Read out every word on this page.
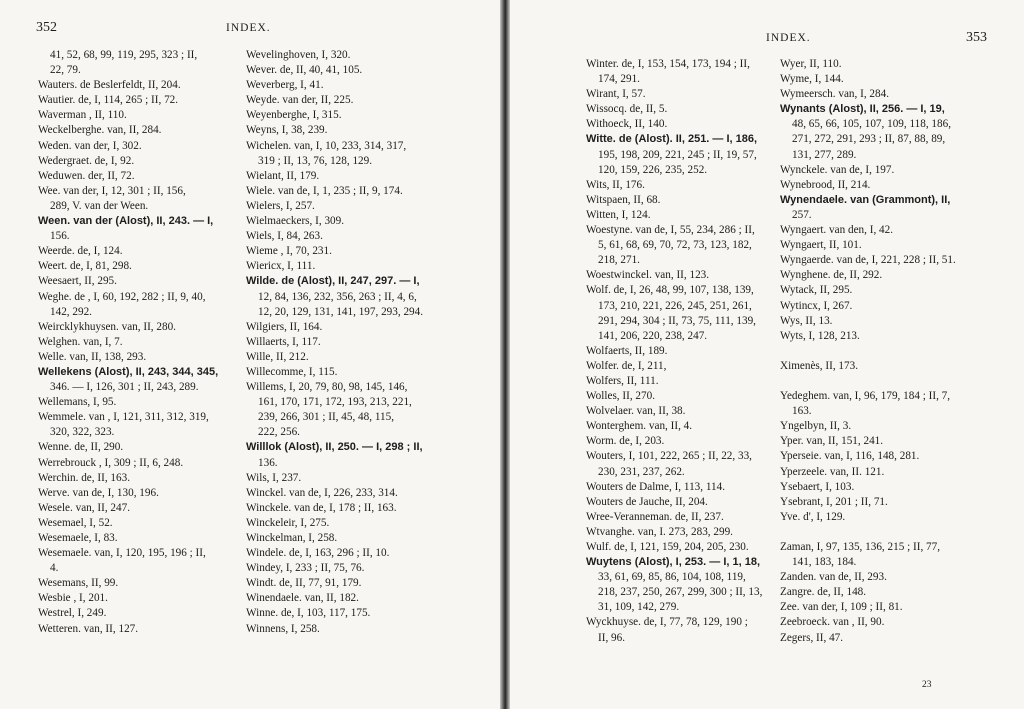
352	INDEX.
41, 52, 68, 99, 119, 295, 323 ; II,
22, 79.
Wauters. de Beslerfeldt, II, 204.
Wautier. de, I, 114, 265 ; II, 72.
Waverman , II, 110.
Weckelberghe. van, II, 284.
Weden. van der, I, 302.
Wedergraet. de, I, 92.
Weduwen. der, II, 72.
Wee. van der, I, 12, 301 ; II, 156,
289, V. van der Ween.
Ween. van der (Alost), II, 243. — I,
156.
Weerde. de, I, 124.
Weert. de, I, 81, 298.
Weesaert, II, 295.
Weghe. de , I, 60, 192, 282 ; II, 9, 40,
142, 292.
Weircklykhuysen. van, II, 280.
Welghen. van, I, 7.
Welle. van, II, 138, 293.
Wellekens (Alost), II, 243, 344, 345,
346. — I, 126, 301 ; II, 243, 289.
Wellemans, I, 95.
Wemmele. van , I, 121, 311, 312, 319,
320, 322, 323.
Wenne. de, II, 290.
Werrebrouck , I, 309 ; II, 6, 248.
Werchin. de, II, 163.
Werve. van de, I, 130, 196.
Wesele. van, II, 247.
Wesemael, I, 52.
Wesemaele, I, 83.
Wesemaele. van, I, 120, 195, 196 ; II,
4.
Wesemans, II, 99.
Wesbie , I, 201.
Westrel, I, 249.
Wetteren. van, II, 127.
Wevelinghoven, I, 320.
Wever. de, II, 40, 41, 105.
Weverberg, I, 41.
Weyde. van der, II, 225.
Weyenberghe, I, 315.
Weyns, I, 38, 239.
Wichelen. van, I, 10, 233, 314, 317,
319 ; II, 13, 76, 128, 129.
Wielant, II, 179.
Wiele. van de, I, 1, 235 ; II, 9, 174.
Wielers, I, 257.
Wielmaeckers, I, 309.
Wiels, I, 84, 263.
Wieme , I, 70, 231.
Wiericx, I, 111.
Wilde. de (Alost), II, 247, 297. — I,
12, 84, 136, 232, 356, 263 ; II, 4, 6,
12, 20, 129, 131, 141, 197, 293, 294.
Wilgiers, II, 164.
Willaerts, I, 117.
Wille, II, 212.
Willecomme, I, 115.
Willems, I, 20, 79, 80, 98, 145, 146,
161, 170, 171, 172, 193, 213, 221,
239, 266, 301 ; II, 45, 48, 115,
222, 256.
Willlok (Alost), II, 250. — I, 298 ; II,
136.
Wils, I, 237.
Winckel. van de, I, 226, 233, 314.
Winckele. van de, I, 178 ; II, 163.
Winckeleir, I, 275.
Winckelman, I, 258.
Windele. de, I, 163, 296 ; II, 10.
Windey, I, 233 ; II, 75, 76.
Windt. de, II, 77, 91, 179.
Winendaele. van, II, 182.
Winne. de, I, 103, 117, 175.
Winnens, I, 258.
INDEX.	353
Winter. de, I, 153, 154, 173, 194 ; II,
174, 291.
Wirant, I, 57.
Wissocq. de, II, 5.
Withoeck, II, 140.
Witte. de (Alost). II, 251. — I, 186,
195, 198, 209, 221, 245 ; II, 19, 57,
120, 159, 226, 235, 252.
Wits, II, 176.
Witspaen, II, 68.
Witten, I, 124.
Woestyne. van de, I, 55, 234, 286 ; II,
5, 61, 68, 69, 70, 72, 73, 123, 182,
218, 271.
Woestwinckel. van, II, 123.
Wolf. de, I, 26, 48, 99, 107, 138, 139,
173, 210, 221, 226, 245, 251, 261,
291, 294, 304 ; II, 73, 75, 111, 139,
141, 206, 220, 238, 247.
Wolfaerts, II, 189.
Wolfer. de, I, 211,
Wolfers, II, 111.
Wolles, II, 270.
Wolvelaer. van, II, 38.
Wonterghem. van, II, 4.
Worm. de, I, 203.
Wouters, I, 101, 222, 265 ; II, 22, 33,
230, 231, 237, 262.
Wouters de Dalme, I, 113, 114.
Wouters de Jauche, II, 204.
Wree-Veranneman. de, II, 237.
Wtvanghe. van, I. 273, 283, 299.
Wulf. de, I, 121, 159, 204, 205, 230.
Wuytens (Alost), I, 253. — I, 1, 18,
33, 61, 69, 85, 86, 104, 108, 119,
218, 237, 250, 267, 299, 300 ; II, 13,
31, 109, 142, 279.
Wyckhuyse. de, I, 77, 78, 129, 190 ;
II, 96.
Wyer, II, 110.
Wyme, I, 144.
Wymeersch. van, I, 284.
Wynants (Alost), II, 256. — I, 19,
48, 65, 66, 105, 107, 109, 118, 186,
271, 272, 291, 293 ; II, 87, 88, 89,
131, 277, 289.
Wynckele. van de, I, 197.
Wynebrood, II, 214.
Wynendaele. van (Grammont), II,
257.
Wyngaert. van den, I, 42.
Wyngaert, II, 101.
Wyngaerde. van de, I, 221, 228 ; II, 51.
Wynghene. de, II, 292.
Wytack, II, 295.
Wytincx, I, 267.
Wys, II, 13.
Wyts, I, 128, 213.
Ximenès, II, 173.
Yedeghem. van, I, 96, 179, 184 ; II, 7,
163.
Yngelbyn, II, 3.
Yper. van, II, 151, 241.
Yperseie. van, I, 116, 148, 281.
Yperzeele. van, II. 121.
Ysebaert, I, 103.
Ysebrant, I, 201 ; II, 71.
Yve. d', I, 129.
Zaman, I, 97, 135, 136, 215 ; II, 77,
141, 183, 184.
Zanden. van de, II, 293.
Zangre. de, II, 148.
Zee. van der, I, 109 ; II, 81.
Zeebroeck. van , II, 90.
Zegers, II, 47.
23
